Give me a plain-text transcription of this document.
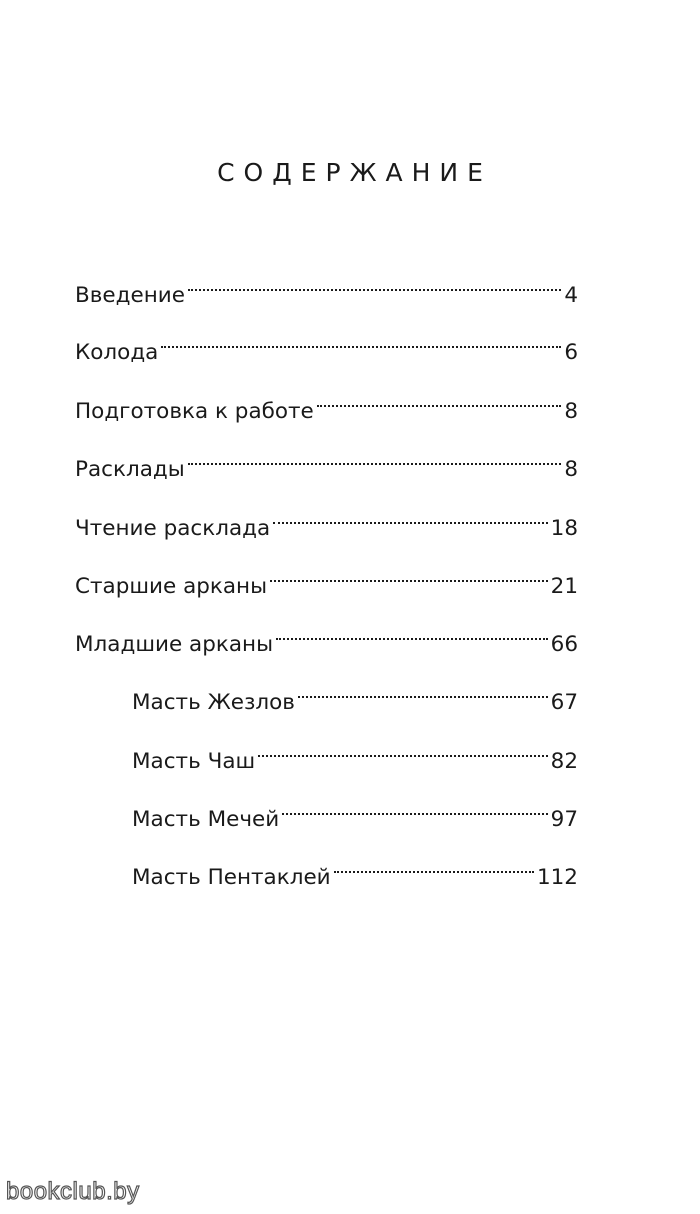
СОДЕРЖАНИЕ
Введение	4
Колода	6
Подготовка к работе	8
Расклады	8
Чтение расклада	18
Старшие арканы	21
Младшие арканы	66
Масть Жезлов	67
Масть Чаш	82
Масть Мечей	97
Масть Пентаклей	112
bookclub.by
